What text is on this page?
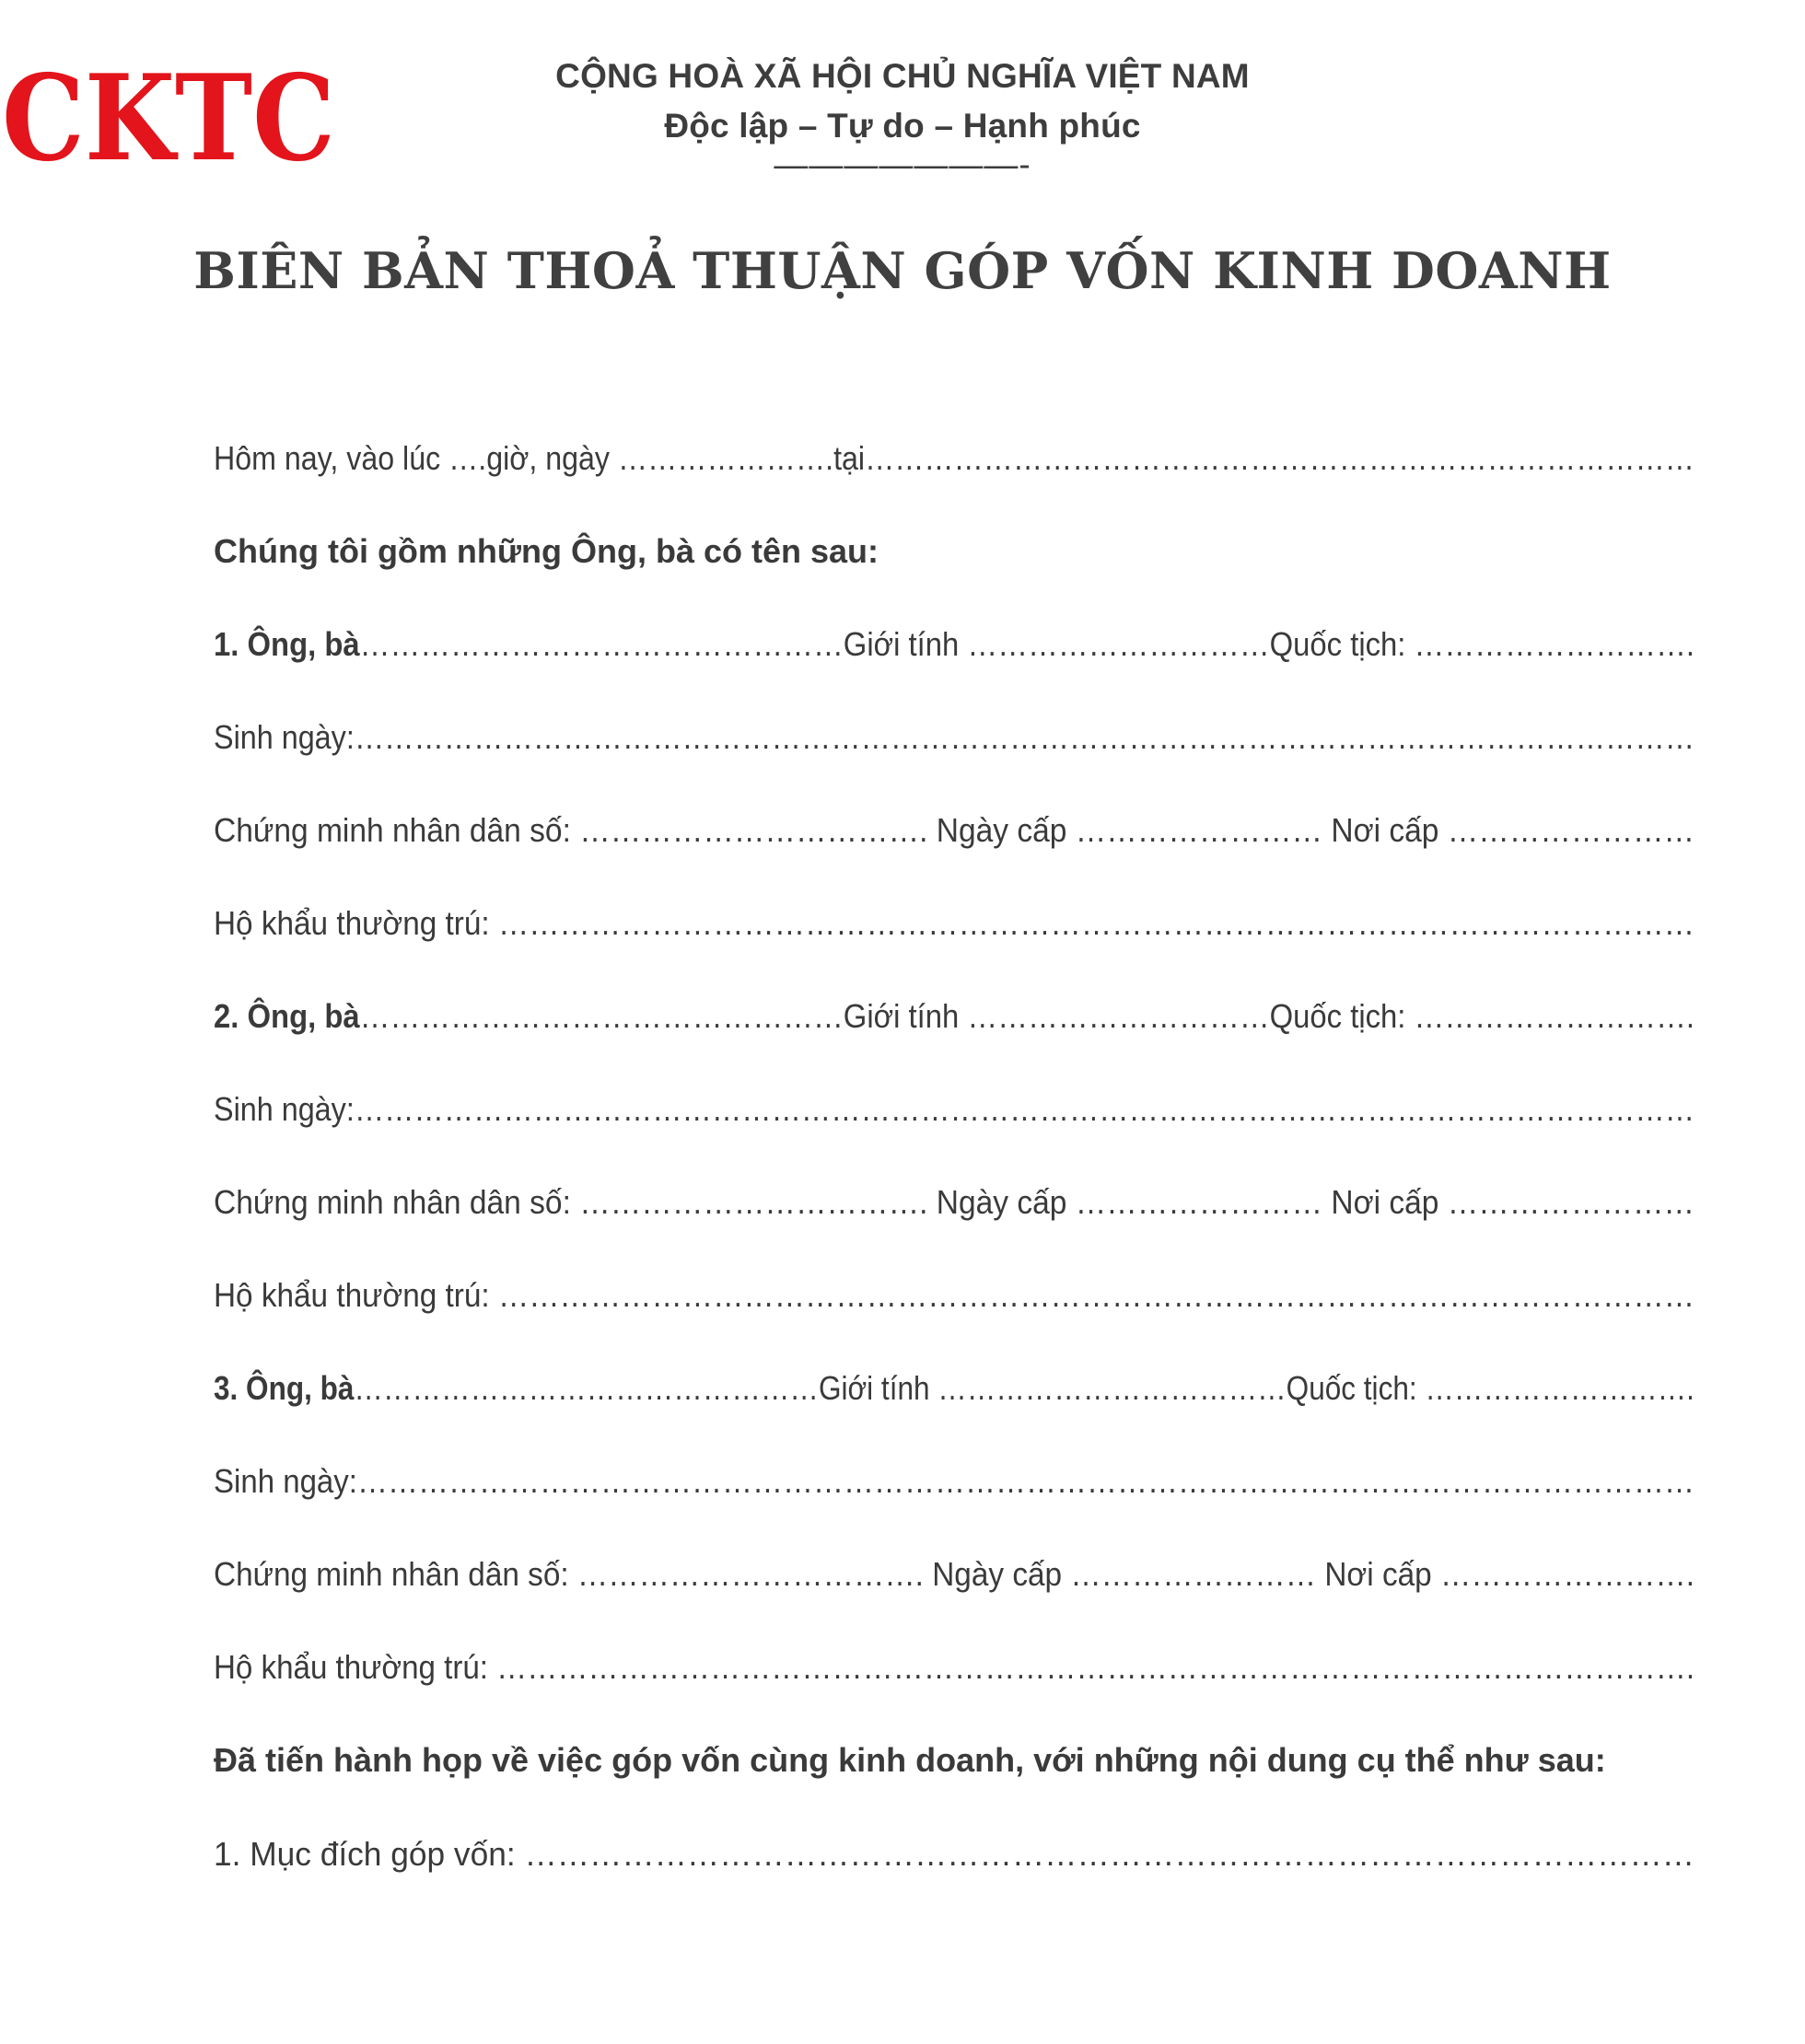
CKTC	CỘNG HOÀ XÃ HỘI CHỦ NGHĨA VIỆT NAM
Độc lập – Tự do – Hạnh phúc
———————-
BIÊN BẢN THOẢ THUẬN GÓP VỐN KINH DOANH
Hôm nay, vào lúc ….giờ, ngày ………………….tại…………………………………………………………………………
Chúng tôi gồm những Ông, bà có tên sau:
1. Ông, bà…………………………………………Giới tính …………………………Quốc tịch: ……………………….
Sinh ngày:………………………………………………………………………………………………………………………
Chứng minh nhân dân số: ……………………………. Ngày cấp …………………… Nơi cấp ……………………
Hộ khẩu thường trú: ………………………………………………………………………………………………………
2. Ông, bà…………………………………………Giới tính …………………………Quốc tịch: ……………………….
Sinh ngày:………………………………………………………………………………………………………………………
Chứng minh nhân dân số: ……………………………. Ngày cấp …………………… Nơi cấp ……………………
Hộ khẩu thường trú: ………………………………………………………………………………………………………
3. Ông, bà…………………………………………Giới tính ………………………………Quốc tịch: ……………………….
Sinh ngày:……………………………………………………………………………………………………………………
Chứng minh nhân dân số: ……………………………. Ngày cấp …………………… Nơi cấp …………………….
Hộ khẩu thường trú: ……………………………………………………………………………………………………….
Đã tiến hành họp về việc góp vốn cùng kinh doanh, với những nội dung cụ thể như sau:
1. Mục đích góp vốn: ………………………………………………………………………………………………
